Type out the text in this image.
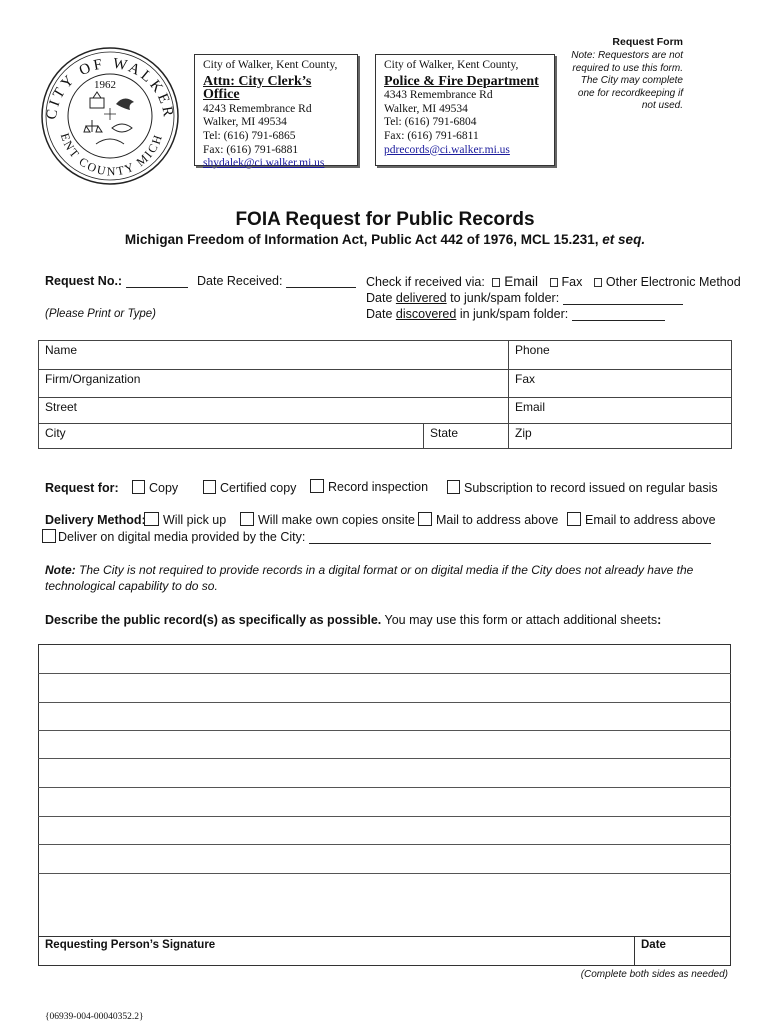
CITY OF WALKER
ENT COUNTY MICH
1962
City of Walker, Kent County,
Attn: City Clerk’s Office
4243 Remembrance Rd
Walker, MI 49534
Tel: (616) 791-6865
Fax: (616) 791-6881
shydalek@ci.walker.mi.us
City of Walker, Kent County,
Police & Fire Department
4343 Remembrance Rd
Walker, MI 49534
Tel: (616) 791-6804
Fax: (616) 791-6811
pdrecords@ci.walker.mi.us
Request Form
Note: Requestors are not required to use this form. The City may complete one for recordkeeping if not used.
FOIA Request for Public Records
Michigan Freedom of Information Act, Public Act 442 of 1976, MCL 15.231, et seq.
Request No.:	Date Received:	Check if received via: Email Fax Other Electronic Method
Date delivered to junk/spam folder:
Date discovered in junk/spam folder:
(Please Print or Type)
Name		Phone
Firm/Organization		Fax
Street		Email
City	State	Zip
Request for:	Copy	Certified copy	Record inspection	Subscription to record issued on regular basis
Delivery Method:	Will pick up	Will make own copies onsite	Mail to address above	Email to address above
Deliver on digital media provided by the City:
Note: The City is not required to provide records in a digital format or on digital media if the City does not already have the technological capability to do so.
Describe the public record(s) as specifically as possible. You may use this form or attach additional sheets:
Requesting Person’s Signature	Date
(Complete both sides as needed)
{06939-004-00040352.2}
